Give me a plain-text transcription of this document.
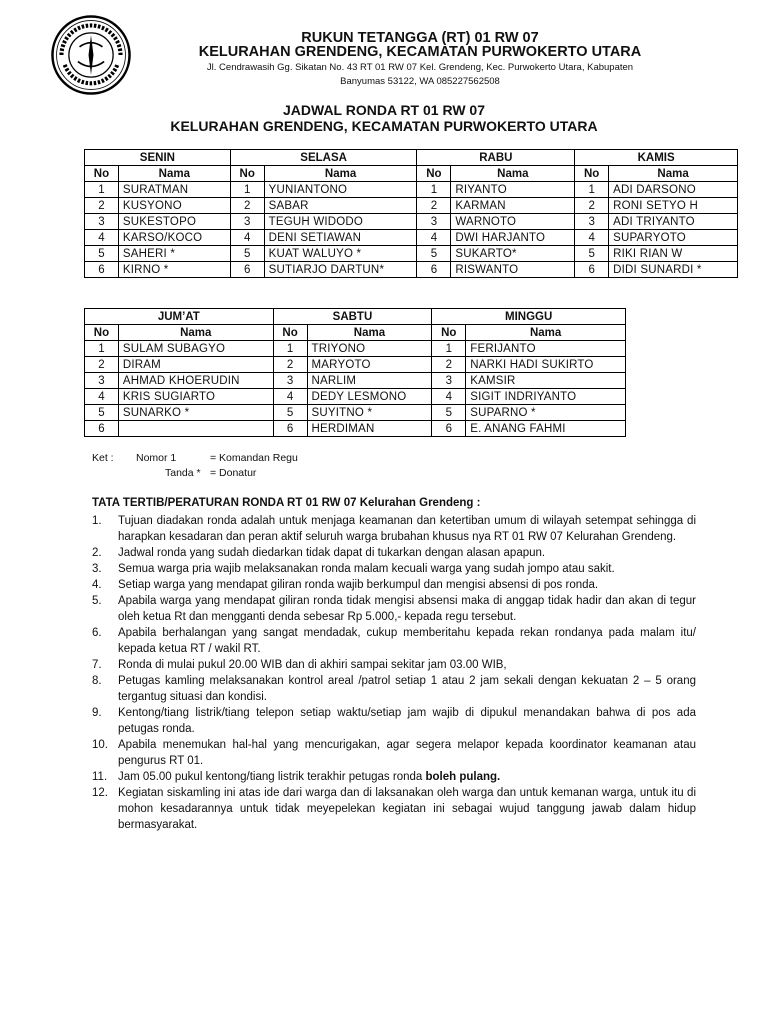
RUKUN TETANGGA (RT) 01 RW 07
KELURAHAN GRENDENG, KECAMATAN PURWOKERTO UTARA
Jl. Cendrawasih Gg. Sikatan No. 43 RT 01 RW 07 Kel. Grendeng, Kec. Purwokerto Utara, Kabupaten
Banyumas 53122, WA 085227562508
JADWAL RONDA RT 01 RW 07
KELURAHAN GRENDENG, KECAMATAN PURWOKERTO UTARA
SENIN		SELASA		RABU		KAMIS	
No	Nama	No	Nama	No	Nama	No	Nama
1	SURATMAN	1	YUNIANTONO	1	RIYANTO	1	ADI DARSONO
2	KUSYONO	2	SABAR	2	KARMAN	2	RONI SETYO H
3	SUKESTOPO	3	TEGUH WIDODO	3	WARNOTO	3	ADI TRIYANTO
4	KARSO/KOCO	4	DENI SETIAWAN	4	DWI HARJANTO	4	SUPARYOTO
5	SAHERI *	5	KUAT WALUYO *	5	SUKARTO*	5	RIKI RIAN W
6	KIRNO *	6	SUTIARJO DARTUN*	6	RISWANTO	6	DIDI SUNARDI *
JUM’AT		SABTU		MINGGU	
No	Nama	No	Nama	No	Nama
1	SULAM SUBAGYO	1	TRIYONO	1	FERIJANTO
2	DIRAM	2	MARYOTO	2	NARKI HADI SUKIRTO
3	AHMAD KHOERUDIN	3	NARLIM	3	KAMSIR
4	KRIS SUGIARTO	4	DEDY LESMONO	4	SIGIT INDRIYANTO
5	SUNARKO *	5	SUYITNO *	5	SUPARNO *
6		6	HERDIMAN	6	E. ANANG FAHMI
Ket : Nomor 1	= Komandan Regu
Tanda * = Donatur
TATA TERTIB/PERATURAN RONDA RT 01 RW 07 Kelurahan Grendeng :
1.	Tujuan diadakan ronda adalah untuk menjaga keamanan dan ketertiban umum di wilayah setempat sehingga di harapkan kesadaran dan peran aktif seluruh warga brubahan khusus nya RT 01 RW 07 Kelurahan Grendeng.
2.	Jadwal ronda yang sudah diedarkan tidak dapat di tukarkan dengan alasan apapun.
3.	Semua warga pria wajib melaksanakan ronda malam kecuali warga yang sudah jompo atau sakit.
4.	Setiap warga yang mendapat giliran ronda wajib berkumpul dan mengisi absensi di pos ronda.
5.	Apabila warga yang mendapat giliran ronda tidak mengisi absensi maka di anggap tidak hadir dan akan di tegur oleh ketua Rt dan mengganti denda sebesar Rp 5.000,- kepada regu tersebut.
6.	Apabila berhalangan yang sangat mendadak, cukup memberitahu kepada rekan rondanya pada malam itu/ kepada ketua RT / wakil RT.
7.	Ronda di mulai pukul 20.00 WIB dan di akhiri sampai sekitar jam 03.00 WIB,
8.	Petugas kamling melaksanakan kontrol areal /patrol setiap 1 atau 2 jam sekali dengan kekuatan 2 – 5 orang tergantug situasi dan kondisi.
9.	Kentong/tiang listrik/tiang telepon setiap waktu/setiap jam wajib di dipukul menandakan bahwa di pos ada petugas ronda.
10. Apabila menemukan hal-hal yang mencurigakan, agar segera melapor kepada koordinator keamanan atau pengurus RT 01.
11. Jam 05.00 pukul kentong/tiang listrik terakhir petugas ronda boleh pulang.
12. Kegiatan siskamling ini atas ide dari warga dan di laksanakan oleh warga dan untuk kemanan warga, untuk itu di mohon kesadarannya untuk tidak meyepelekan kegiatan ini sebagai wujud tanggung jawab dalam hidup bermasyarakat.
